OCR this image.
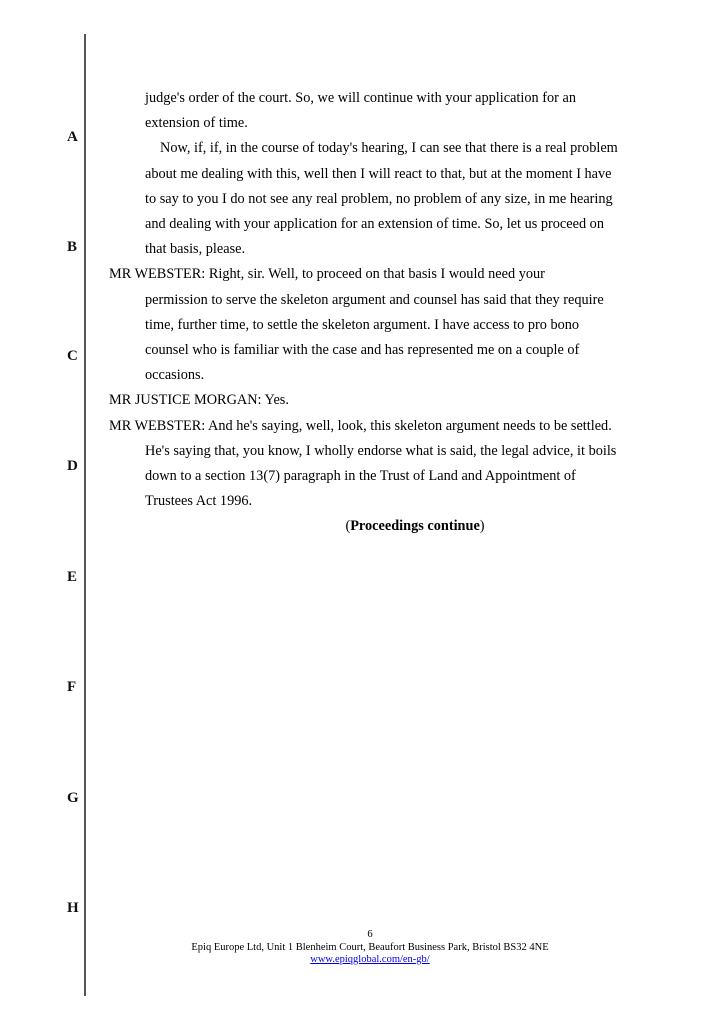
A
B
C
D
E
F
G
H

judge's order of the court. So, we will continue with your application for an
extension of time.

Now, if, if, in the course of today's hearing, I can see that there is a real problem
about me dealing with this, well then I will react to that, but at the moment I have
to say to you I do not see any real problem, no problem of any size, in me hearing
and dealing with your application for an extension of time. So, let us proceed on
that basis, please.

MR WEBSTER: Right, sir. Well, to proceed on that basis I would need your
permission to serve the skeleton argument and counsel has said that they require
time, further time, to settle the skeleton argument. I have access to pro bono
counsel who is familiar with the case and has represented me on a couple of
occasions.

MR JUSTICE MORGAN: Yes.

MR WEBSTER: And he's saying, well, look, this skeleton argument needs to be settled.
He's saying that, you know, I wholly endorse what is said, the legal advice, it boils
down to a section 13(7) paragraph in the Trust of Land and Appointment of
Trustees Act 1996.

(Proceedings continue)
6
Epiq Europe Ltd, Unit 1 Blenheim Court, Beaufort Business Park, Bristol BS32 4NE
www.epiqglobal.com/en-gb/
